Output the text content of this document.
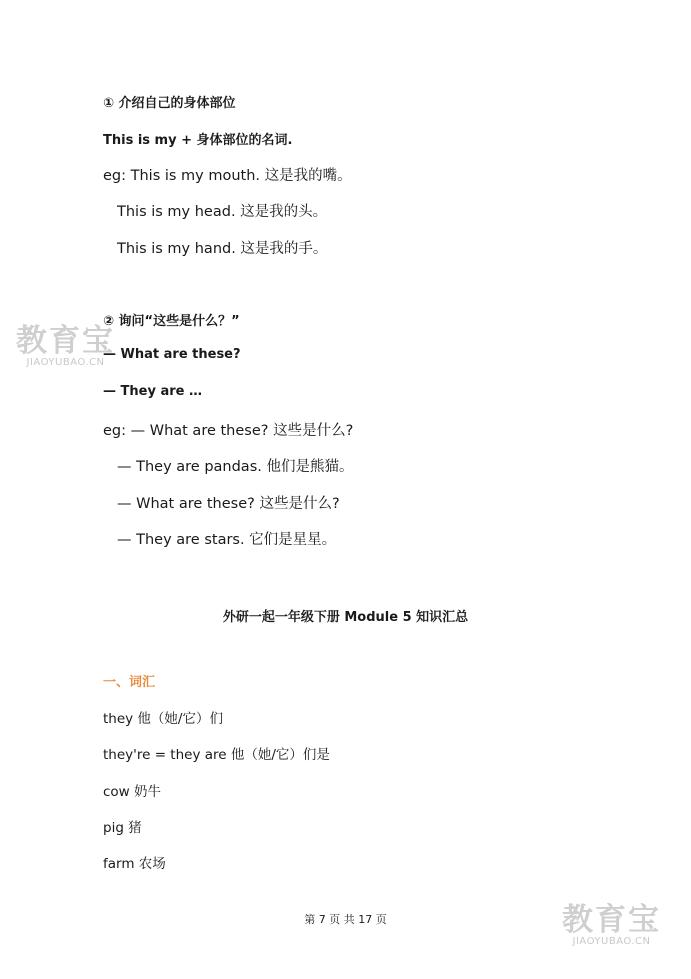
教育宝
JIAOYUBAO.CN
教育宝
JIAOYUBAO.CN
① 介绍自己的身体部位
This is my + 身体部位的名词.
eg: This is my mouth. 这是我的嘴。
This is my head. 这是我的头。
This is my hand. 这是我的手。
② 询问“这些是什么？”
— What are these?
— They are …
eg: — What are these? 这些是什么?
— They are pandas. 他们是熊猫。
— What are these? 这些是什么?
— They are stars. 它们是星星。
外研一起一年级下册 Module 5 知识汇总
一、词汇
they 他（她/它）们
they're = they are 他（她/它）们是
cow 奶牛
pig 猪
farm 农场
第 7 页 共 17 页
